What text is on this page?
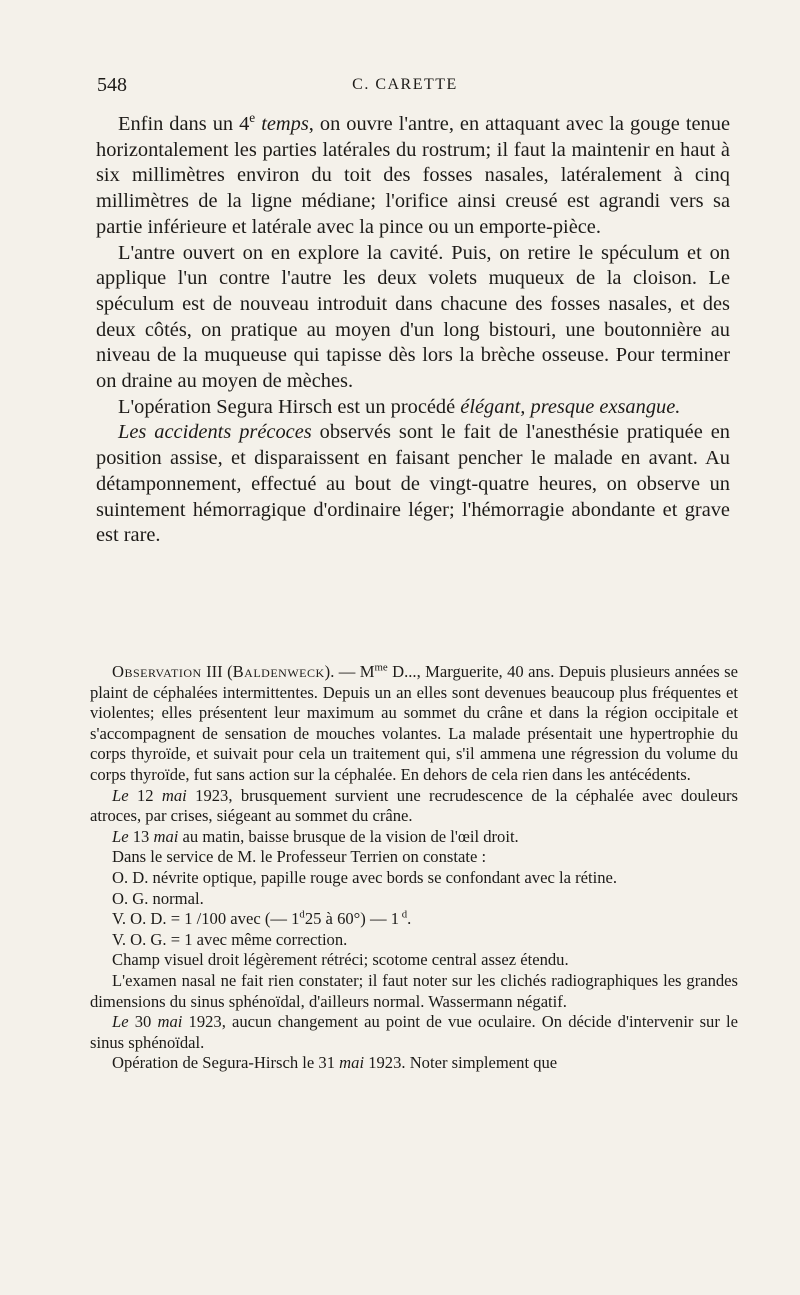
548	C. CARETTE

Enfin dans un 4e temps, on ouvre l'antre, en attaquant avec la gouge tenue horizontalement les parties latérales du rostrum; il faut la maintenir en haut à six millimètres environ du toit des fosses nasales, latéralement à cinq millimètres de la ligne médiane; l'orifice ainsi creusé est agrandi vers sa partie inférieure et latérale avec la pince ou un emporte-pièce.

L'antre ouvert on en explore la cavité. Puis, on retire le spéculum et on applique l'un contre l'autre les deux volets muqueux de la cloison. Le spéculum est de nouveau introduit dans chacune des fosses nasales, et des deux côtés, on pratique au moyen d'un long bistouri, une boutonnière au niveau de la muqueuse qui tapisse dès lors la brèche osseuse. Pour terminer on draine au moyen de mèches.

L'opération Segura Hirsch est un procédé élégant, presque exsangue.

Les accidents précoces observés sont le fait de l'anesthésie pratiquée en position assise, et disparaissent en faisant pencher le malade en avant. Au détamponnement, effectué au bout de vingt-quatre heures, on observe un suintement hémorragique d'ordinaire léger; l'hémorragie abondante et grave est rare.

Observation III (Baldenweck). — $M^{me}$ D..., Marguerite, 40 ans. Depuis plusieurs années se plaint de céphalées intermittentes. Depuis un an elles sont devenues beaucoup plus fréquentes et violentes; elles présentent leur maximum au sommet du crâne et dans la région occipitale et s'accompagnent de sensation de mouches volantes. La malade présentait une hypertrophie du corps thyroïde, et suivait pour cela un traitement qui, s'il ammena une régression du volume du corps thyroïde, fut sans action sur la céphalée. En dehors de cela rien dans les antécédents.

Le 12 mai 1923, brusquement survient une recrudescence de la céphalée avec douleurs atroces, par crises, siégeant au sommet du crâne.

Le 13 mai au matin, baisse brusque de la vision de l'œil droit.

Dans le service de M. le Professeur Terrien on constate :

O. D. névrite optique, papille rouge avec bords se confondant avec la rétine.

O. G. normal.

V. O. D. = 1 /100 avec (— 1$^d$25 à 60°) — 1 $^d$.

V. O. G. = 1 avec même correction.

Champ visuel droit légèrement rétréci; scotome central assez étendu.

L'examen nasal ne fait rien constater; il faut noter sur les clichés radiographiques les grandes dimensions du sinus sphénoïdal, d'ailleurs normal. Wassermann négatif.

Le 30 mai 1923, aucun changement au point de vue oculaire. On décide d'intervenir sur le sinus sphénoïdal.

Opération de Segura-Hirsch le 31 mai 1923. Noter simplement que
